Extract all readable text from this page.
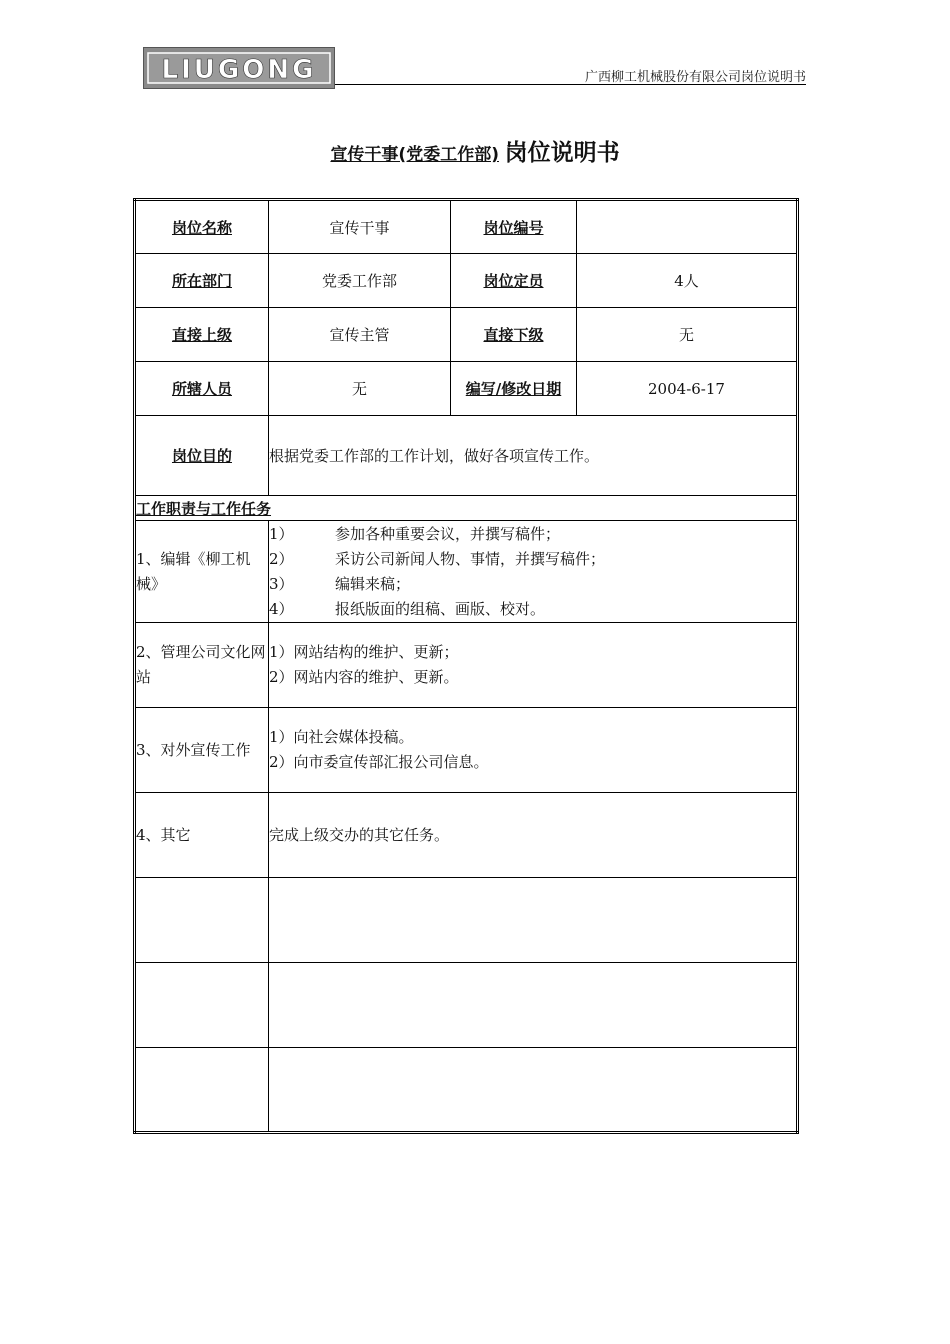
LIUGONG	广西柳工机械股份有限公司岗位说明书
宣传干事(党委工作部) 岗位说明书
岗位名称	宣传干事	岗位编号	
所在部门	党委工作部	岗位定员	4人
直接上级	宣传主管	直接下级	无
所辖人员	无	编写/修改日期	2004-6-17
岗位目的	根据党委工作部的工作计划，做好各项宣传工作。		
工作职责与工作任务			
1、编辑《柳工机械》	1） 参加各种重要会议，并撰写稿件；
2） 采访公司新闻人物、事情，并撰写稿件；
3） 编辑来稿；
4） 报纸版面的组稿、画版、校对。		

2、管理公司文化网站	1）网站结构的维护、更新；
2）网站内容的维护、更新。		

3、对外宣传工作	1）向社会媒体投稿。
2）向市委宣传部汇报公司信息。		

4、其它	完成上级交办的其它任务。		
